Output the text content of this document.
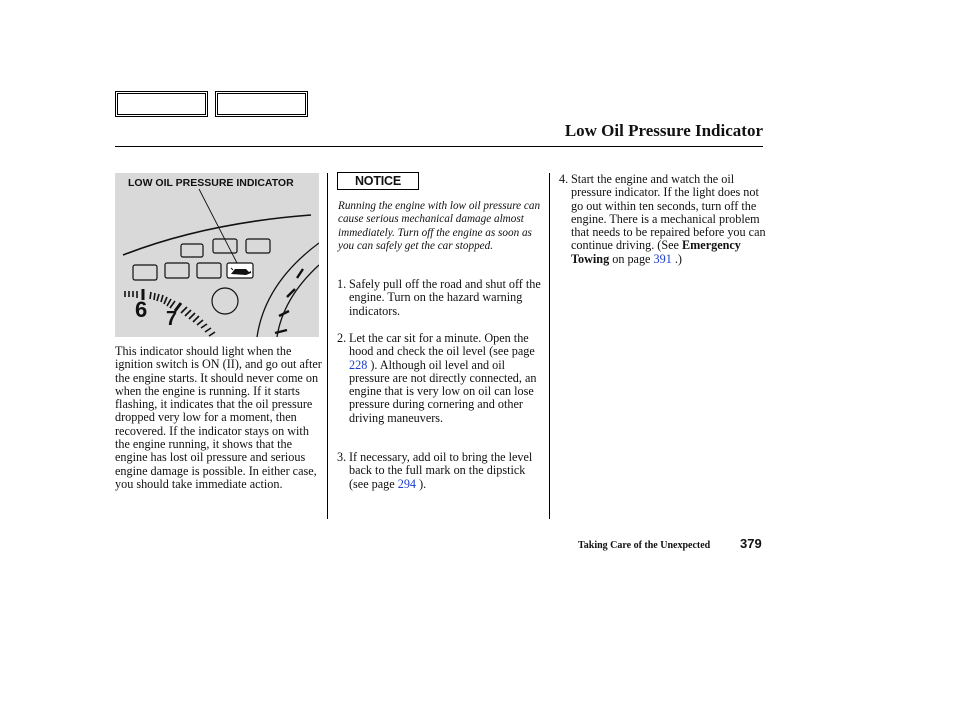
Low Oil Pressure Indicator
LOW OIL PRESSURE INDICATOR
6 7
This indicator should light when the ignition switch is ON (II), and go out after the engine starts. It should never come on when the engine is running. If it starts flashing, it indicates that the oil pressure dropped very low for a moment, then recovered. If the indicator stays on with the engine running, it shows that the engine has lost oil pressure and serious engine damage is possible. In either case, you should take immediate action.
NOTICE
Running the engine with low oil pressure can cause serious mechanical damage almost immediately. Turn off the engine as soon as you can safely get the car stopped.
1. Safely pull off the road and shut off the engine. Turn on the hazard warning indicators.
2. Let the car sit for a minute. Open the hood and check the oil level (see page 228 ). Although oil level and oil pressure are not directly connected, an engine that is very low on oil can lose pressure during cornering and other driving maneuvers.
3. If necessary, add oil to bring the level back to the full mark on the dipstick (see page 294 ).
4. Start the engine and watch the oil pressure indicator. If the light does not go out within ten seconds, turn off the engine. There is a mechanical problem that needs to be repaired before you can continue driving. (See Emergency Towing on page 391 .)
Taking Care of the Unexpected 379
